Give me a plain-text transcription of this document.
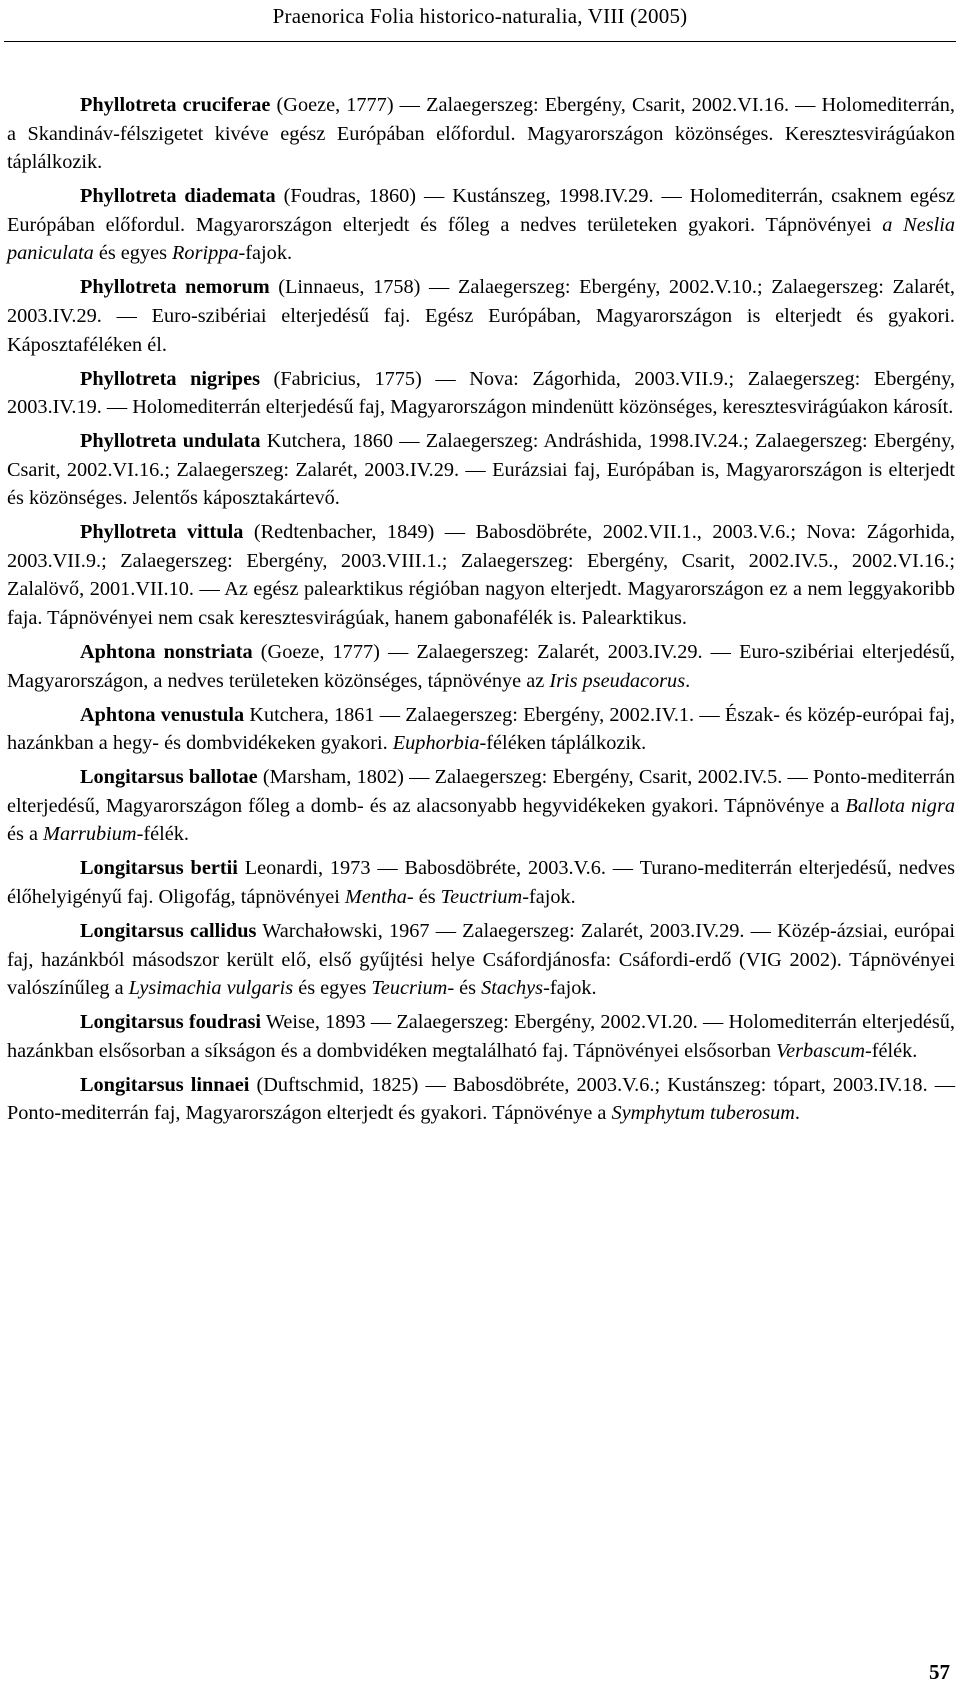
Praenorica Folia historico-naturalia, VIII (2005)

Phyllotreta cruciferae (Goeze, 1777) — Zalaegerszeg: Ebergény, Csarit, 2002.VI.16. — Holomediterrán, a Skandináv-félszigetet kivéve egész Európában előfordul. Magyarországon közönséges. Keresztesvirágúakon táplálkozik.

Phyllotreta diademata (Foudras, 1860) — Kustánszeg, 1998.IV.29. — Holomediterrán, csaknem egész Európában előfordul. Magyarországon elterjedt és főleg a nedves területeken gyakori. Tápnövényei a Neslia paniculata és egyes Rorippa-fajok.

Phyllotreta nemorum (Linnaeus, 1758) — Zalaegerszeg: Ebergény, 2002.V.10.; Zalaegerszeg: Zalarét, 2003.IV.29. — Euro-szibériai elterjedésű faj. Egész Európában, Magyarországon is elterjedt és gyakori. Káposztaféléken él.

Phyllotreta nigripes (Fabricius, 1775) — Nova: Zágorhida, 2003.VII.9.; Zalaegerszeg: Ebergény, 2003.IV.19. — Holomediterrán elterjedésű faj, Magyarországon mindenütt közönséges, keresztesvirágúakon károsít.

Phyllotreta undulata Kutchera, 1860 — Zalaegerszeg: Andráshida, 1998.IV.24.; Zalaegerszeg: Ebergény, Csarit, 2002.VI.16.; Zalaegerszeg: Zalarét, 2003.IV.29. — Eurázsiai faj, Európában is, Magyarországon is elterjedt és közönséges. Jelentős káposztakártevő.

Phyllotreta vittula (Redtenbacher, 1849) — Babosdöbréte, 2002.VII.1., 2003.V.6.; Nova: Zágorhida, 2003.VII.9.; Zalaegerszeg: Ebergény, 2003.VIII.1.; Zalaegerszeg: Ebergény, Csarit, 2002.IV.5., 2002.VI.16.; Zalalövő, 2001.VII.10. — Az egész palearktikus régióban nagyon elterjedt. Magyarországon ez a nem leggyakoribb faja. Tápnövényei nem csak keresztesvirágúak, hanem gabonafélék is. Palearktikus.

Aphtona nonstriata (Goeze, 1777) — Zalaegerszeg: Zalarét, 2003.IV.29. — Euro-szibériai elterjedésű, Magyarországon, a nedves területeken közönséges, tápnövénye az Iris pseudacorus.

Aphtona venustula Kutchera, 1861 — Zalaegerszeg: Ebergény, 2002.IV.1. — Észak- és közép-európai faj, hazánkban a hegy- és dombvidékeken gyakori. Euphorbia-féléken táplálkozik.

Longitarsus ballotae (Marsham, 1802) — Zalaegerszeg: Ebergény, Csarit, 2002.IV.5. — Ponto-mediterrán elterjedésű, Magyarországon főleg a domb- és az alacsonyabb hegyvidékeken gyakori. Tápnövénye a Ballota nigra és a Marrubium-félék.

Longitarsus bertii Leonardi, 1973 — Babosdöbréte, 2003.V.6. — Turano-mediterrán elterjedésű, nedves élőhelyigényű faj. Oligofág, tápnövényei Mentha- és Teuctrium-fajok.

Longitarsus callidus Warchałowski, 1967 — Zalaegerszeg: Zalarét, 2003.IV.29. — Közép-ázsiai, európai faj, hazánkból másodszor került elő, első gyűjtési helye Csáfordjánosfa: Csáfordi-erdő (VIG 2002). Tápnövényei valószínűleg a Lysimachia vulgaris és egyes Teucrium- és Stachys-fajok.

Longitarsus foudrasi Weise, 1893 — Zalaegerszeg: Ebergény, 2002.VI.20. — Holomediterrán elterjedésű, hazánkban elsősorban a síkságon és a dombvidéken megtalálható faj. Tápnövényei elsősorban Verbascum-félék.

Longitarsus linnaei (Duftschmid, 1825) — Babosdöbréte, 2003.V.6.; Kustánszeg: tópart, 2003.IV.18. — Ponto-mediterrán faj, Magyarországon elterjedt és gyakori. Tápnövénye a Symphytum tuberosum.

57
